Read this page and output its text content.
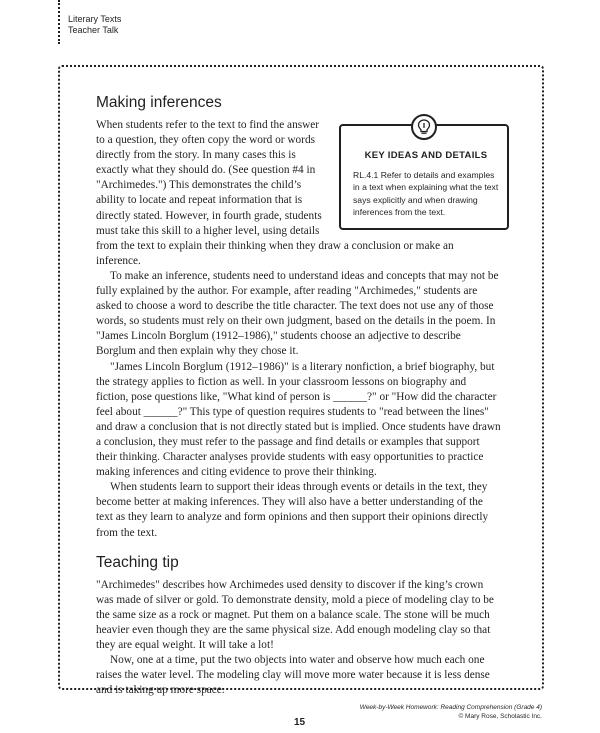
Literary Texts
Teacher Talk
Making inferences
KEY IDEAS AND DETAILS
RL.4.1 Refer to details and examples in a text when explaining what the text says explicitly and when drawing inferences from the text.

When students refer to the text to find the answer to a question, they often copy the word or words directly from the story. In many cases this is exactly what they should do. (See question #4 in "Archimedes.") This demonstrates the child’s ability to locate and repeat information that is directly stated. However, in fourth grade, students must take this skill to a higher level, using details from the text to explain their thinking when they draw a conclusion or make an inference.

To make an inference, students need to understand ideas and concepts that may not be fully explained by the author. For example, after reading "Archimedes," students are asked to choose a word to describe the title character. The text does not use any of those words, so students must rely on their own judgment, based on the details in the poem. In "James Lincoln Borglum (1912–1986)," students choose an adjective to describe Borglum and then explain why they chose it.

"James Lincoln Borglum (1912–1986)" is a literary nonfiction, a brief biography, but the strategy applies to fiction as well. In your classroom lessons on biography and fiction, pose questions like, "What kind of person is ______?" or "How did the character feel about ______?" This type of question requires students to "read between the lines" and draw a conclusion that is not directly stated but is implied. Once students have drawn a conclusion, they must refer to the passage and find details or examples that support their thinking. Character analyses provide students with easy opportunities to practice making inferences and citing evidence to prove their thinking.

When students learn to support their ideas through events or details in the text, they become better at making inferences. They will also have a better understanding of the text as they learn to analyze and form opinions and then support their opinions directly from the text.

Teaching tip

"Archimedes" describes how Archimedes used density to discover if the king’s crown was made of silver or gold. To demonstrate density, mold a piece of modeling clay to be the same size as a rock or magnet. Put them on a balance scale. The stone will be much heavier even though they are the same physical size. Add enough modeling clay so that they are equal weight. It will take a lot!

Now, one at a time, put the two objects into water and observe how much each one raises the water level. The modeling clay will move more water because it is less dense and is taking up more space.

15
Week-by-Week Homework: Reading Comprehension (Grade 4)
© Mary Rose, Scholastic Inc.
